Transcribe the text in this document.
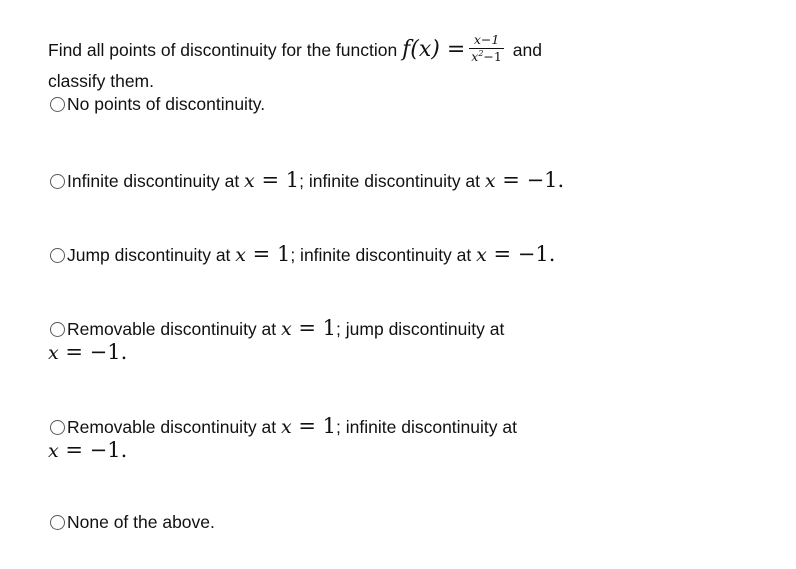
Find all points of discontinuity for the function $f(x) = \frac{x-1}{x^2-1}$ and
classify them.
No points of discontinuity.
Infinite discontinuity at x = 1; infinite discontinuity at x = −1.
Jump discontinuity at x = 1; infinite discontinuity at x = −1.
Removable discontinuity at x = 1; jump discontinuity at
x = −1.
Removable discontinuity at x = 1; infinite discontinuity at
x = −1.
None of the above.
